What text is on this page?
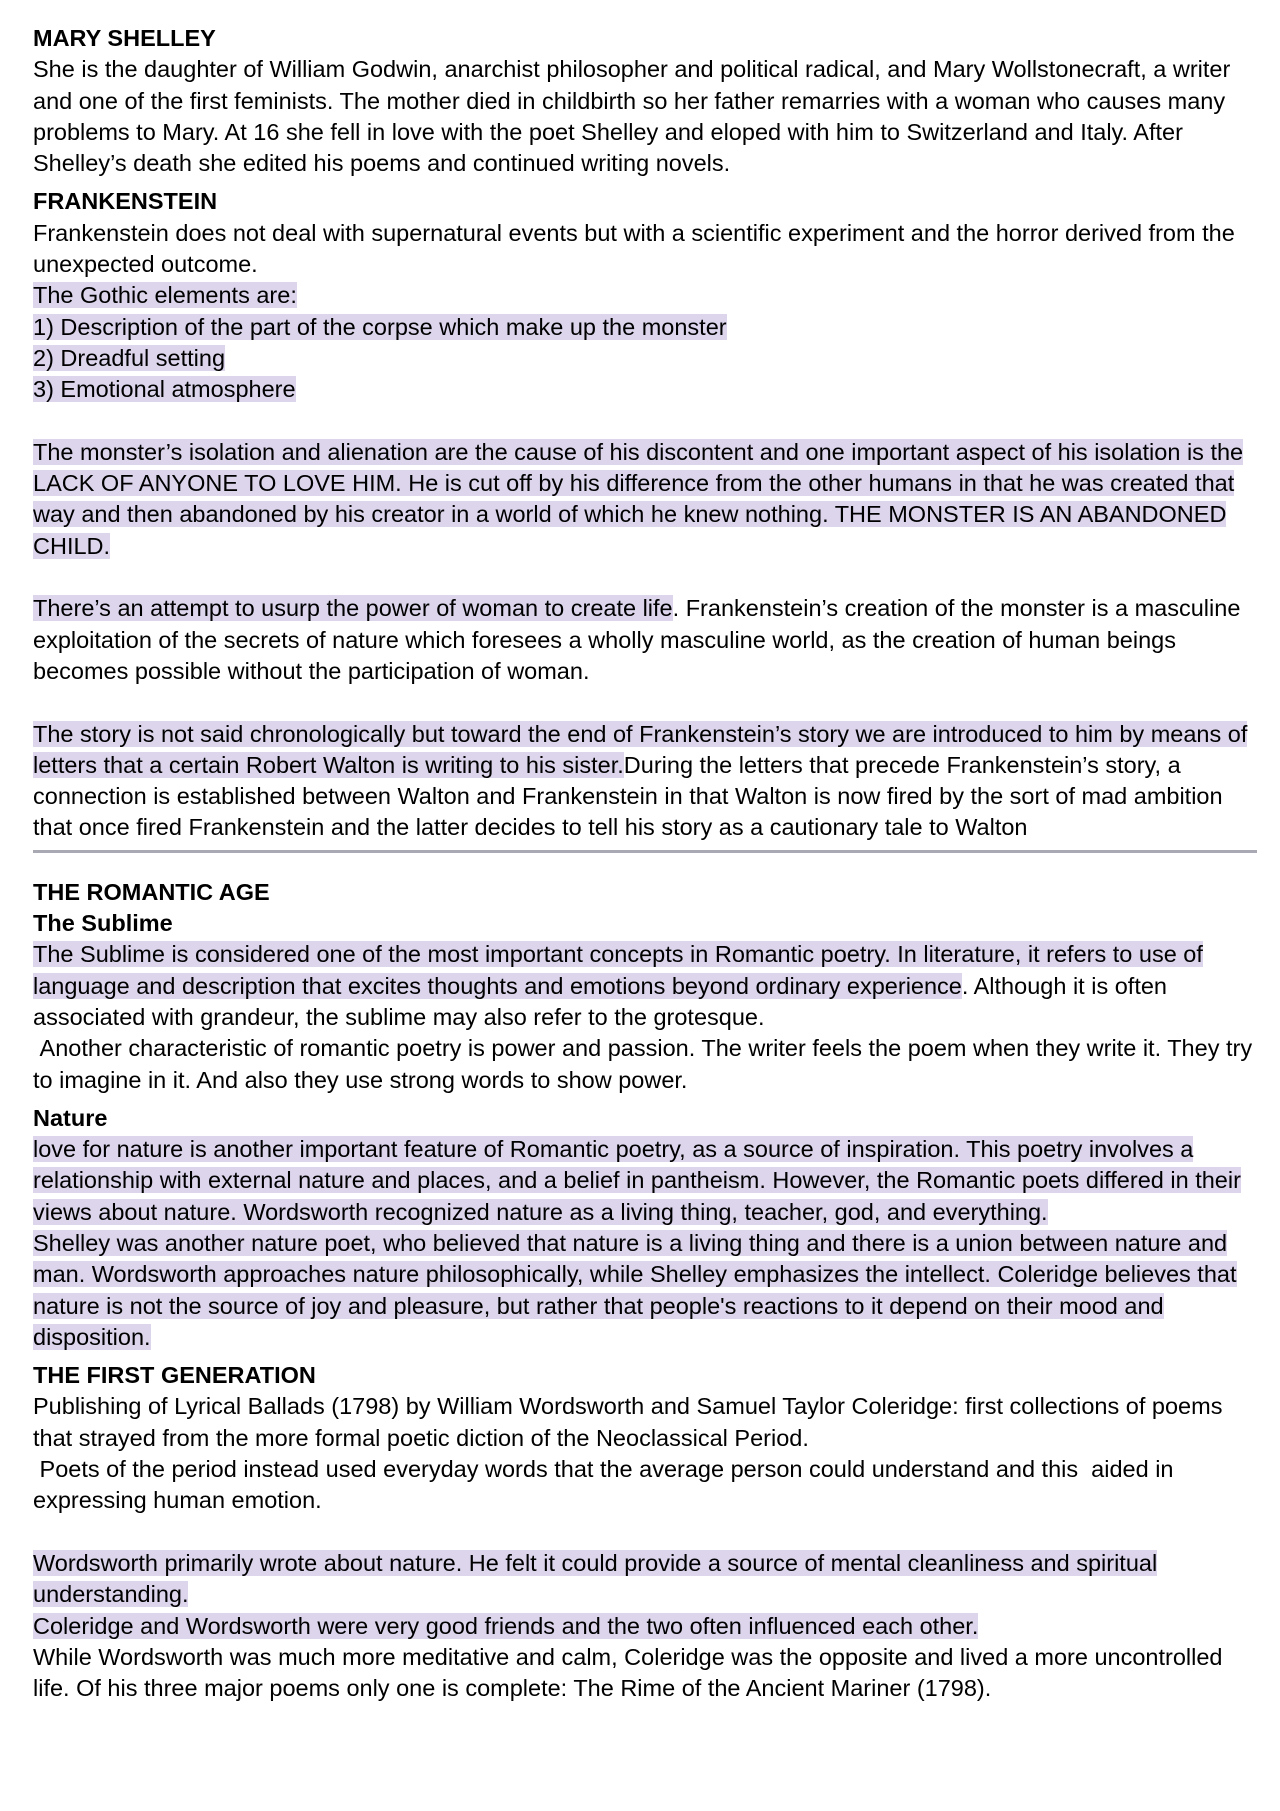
MARY SHELLEY

She is the daughter of William Godwin, anarchist philosopher and political radical, and Mary Wollstonecraft, a writer and one of the first feminists. The mother died in childbirth so her father remarries with a woman who causes many problems to Mary. At 16 she fell in love with the poet Shelley and eloped with him to Switzerland and Italy. After Shelley’s death she edited his poems and continued writing novels.

FRANKENSTEIN

Frankenstein does not deal with supernatural events but with a scientific experiment and the horror derived from the unexpected outcome.

The Gothic elements are:
1) Description of the part of the corpse which make up the monster
2) Dreadful setting
3) Emotional atmosphere

The monster’s isolation and alienation are the cause of his discontent and one important aspect of his isolation is the LACK OF ANYONE TO LOVE HIM. He is cut off by his difference from the other humans in that he was created that way and then abandoned by his creator in a world of which he knew nothing. THE MONSTER IS AN ABANDONED CHILD.

There’s an attempt to usurp the power of woman to create life. Frankenstein’s creation of the monster is a masculine exploitation of the secrets of nature which foresees a wholly masculine world, as the creation of human beings becomes possible without the participation of woman.

The story is not said chronologically but toward the end of Frankenstein’s story we are introduced to him by means of letters that a certain Robert Walton is writing to his sister.During the letters that precede Frankenstein’s story, a connection is established between Walton and Frankenstein in that Walton is now fired by the sort of mad ambition that once fired Frankenstein and the latter decides to tell his story as a cautionary tale to Walton

THE ROMANTIC AGE

The Sublime

The Sublime is considered one of the most important concepts in Romantic poetry. In literature, it refers to use of language and description that excites thoughts and emotions beyond ordinary experience. Although it is often associated with grandeur, the sublime may also refer to the grotesque.

Another characteristic of romantic poetry is power and passion. The writer feels the poem when they write it. They try to imagine in it. And also they use strong words to show power.

Nature

love for nature is another important feature of Romantic poetry, as a source of inspiration. This poetry involves a relationship with external nature and places, and a belief in pantheism. However, the Romantic poets differed in their views about nature. Wordsworth recognized nature as a living thing, teacher, god, and everything.

Shelley was another nature poet, who believed that nature is a living thing and there is a union between nature and man. Wordsworth approaches nature philosophically, while Shelley emphasizes the intellect. Coleridge believes that nature is not the source of joy and pleasure, but rather that people's reactions to it depend on their mood and disposition.

THE FIRST GENERATION

Publishing of Lyrical Ballads (1798) by William Wordsworth and Samuel Taylor Coleridge: first collections of poems that strayed from the more formal poetic diction of the Neoclassical Period.

Poets of the period instead used everyday words that the average person could understand and this  aided in expressing human emotion.

Wordsworth primarily wrote about nature. He felt it could provide a source of mental cleanliness and spiritual understanding.

Coleridge and Wordsworth were very good friends and the two often influenced each other.

While Wordsworth was much more meditative and calm, Coleridge was the opposite and lived a more uncontrolled life. Of his three major poems only one is complete: The Rime of the Ancient Mariner (1798).
